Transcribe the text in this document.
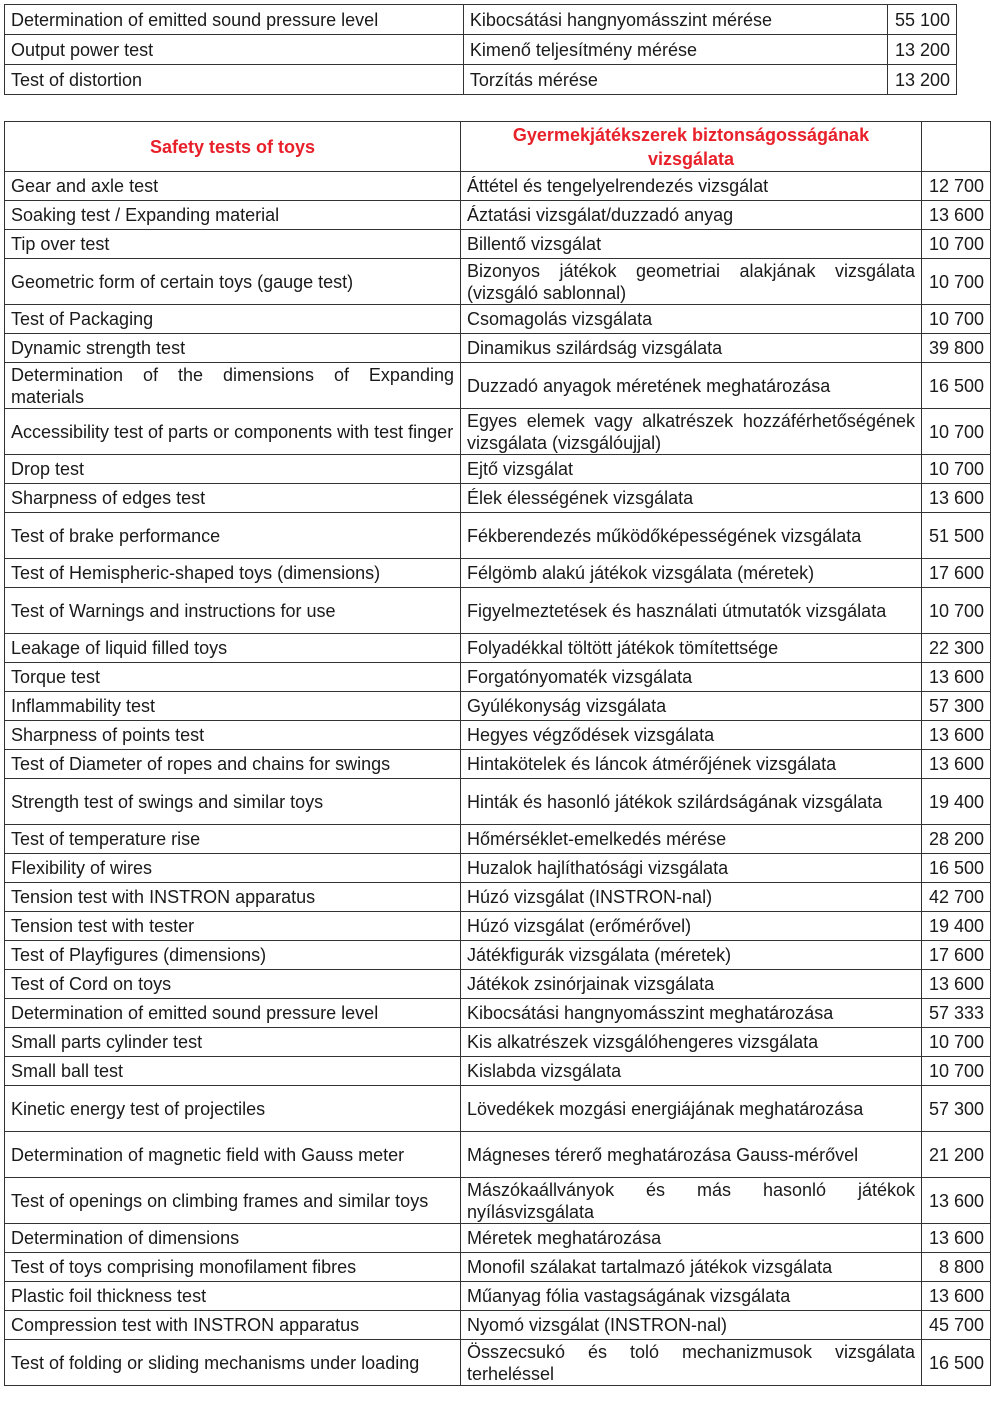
Determination of emitted sound pressure level	Kibocsátási hangnyomásszint mérése	55 100
Output power test	Kimenő teljesítmény mérése	13 200
Test of distortion	Torzítás mérése	13 200
Safety tests of toys	Gyermekjátékszerek biztonságosságának vizsgálata	
Gear and axle test	Áttétel és tengelyelrendezés vizsgálat	12 700
Soaking test / Expanding material	Áztatási vizsgálat/duzzadó anyag	13 600
Tip over test	Billentő vizsgálat	10 700
Geometric form of certain toys (gauge test)	Bizonyos játékok geometriai alakjának vizsgálata (vizsgáló sablonnal)	10 700
Test of Packaging	Csomagolás vizsgálata	10 700
Dynamic strength test	Dinamikus szilárdság vizsgálata	39 800
Determination of the dimensions of Expanding materials	Duzzadó anyagok méretének meghatározása	16 500
Accessibility test of parts or components with test finger	Egyes elemek vagy alkatrészek hozzáférhetőségének vizsgálata (vizsgálóujjal)	10 700
Drop test	Ejtő vizsgálat	10 700
Sharpness of edges test	Élek élességének vizsgálata	13 600
Test of brake performance	Fékberendezés működőképességének vizsgálata	51 500
Test of Hemispheric-shaped toys (dimensions)	Félgömb alakú játékok vizsgálata (méretek)	17 600
Test of Warnings and instructions for use	Figyelmeztetések és használati útmutatók vizsgálata	10 700
Leakage of liquid filled toys	Folyadékkal töltött játékok tömítettsége	22 300
Torque test	Forgatónyomaték vizsgálata	13 600
Inflammability test	Gyúlékonyság vizsgálata	57 300
Sharpness of points test	Hegyes végződések vizsgálata	13 600
Test of Diameter of ropes and chains for swings	Hintakötelek és láncok átmérőjének vizsgálata	13 600
Strength test of swings and similar toys	Hinták és hasonló játékok szilárdságának vizsgálata	19 400
Test of temperature rise	Hőmérséklet-emelkedés mérése	28 200
Flexibility of wires	Huzalok hajlíthatósági vizsgálata	16 500
Tension test with INSTRON apparatus	Húzó vizsgálat (INSTRON-nal)	42 700
Tension test with tester	Húzó vizsgálat (erőmérővel)	19 400
Test of Playfigures (dimensions)	Játékfigurák vizsgálata (méretek)	17 600
Test of Cord on toys	Játékok zsinórjainak vizsgálata	13 600
Determination of emitted sound pressure level	Kibocsátási hangnyomásszint meghatározása	57 333
Small parts cylinder test	Kis alkatrészek vizsgálóhengeres vizsgálata	10 700
Small ball test	Kislabda vizsgálata	10 700
Kinetic energy test of projectiles	Lövedékek mozgási energiájának meghatározása	57 300
Determination of magnetic field with Gauss meter	Mágneses térerő meghatározása Gauss-mérővel	21 200
Test of openings on climbing frames and similar toys	Mászókaállványok és más hasonló játékok nyílásvizsgálata	13 600
Determination of dimensions	Méretek meghatározása	13 600
Test of toys comprising monofilament fibres	Monofil szálakat tartalmazó játékok vizsgálata	8 800
Plastic foil thickness test	Műanyag fólia vastagságának vizsgálata	13 600
Compression test with INSTRON apparatus	Nyomó vizsgálat (INSTRON-nal)	45 700
Test of folding or sliding mechanisms under loading	Összecsukó és toló mechanizmusok vizsgálata terheléssel	16 500
